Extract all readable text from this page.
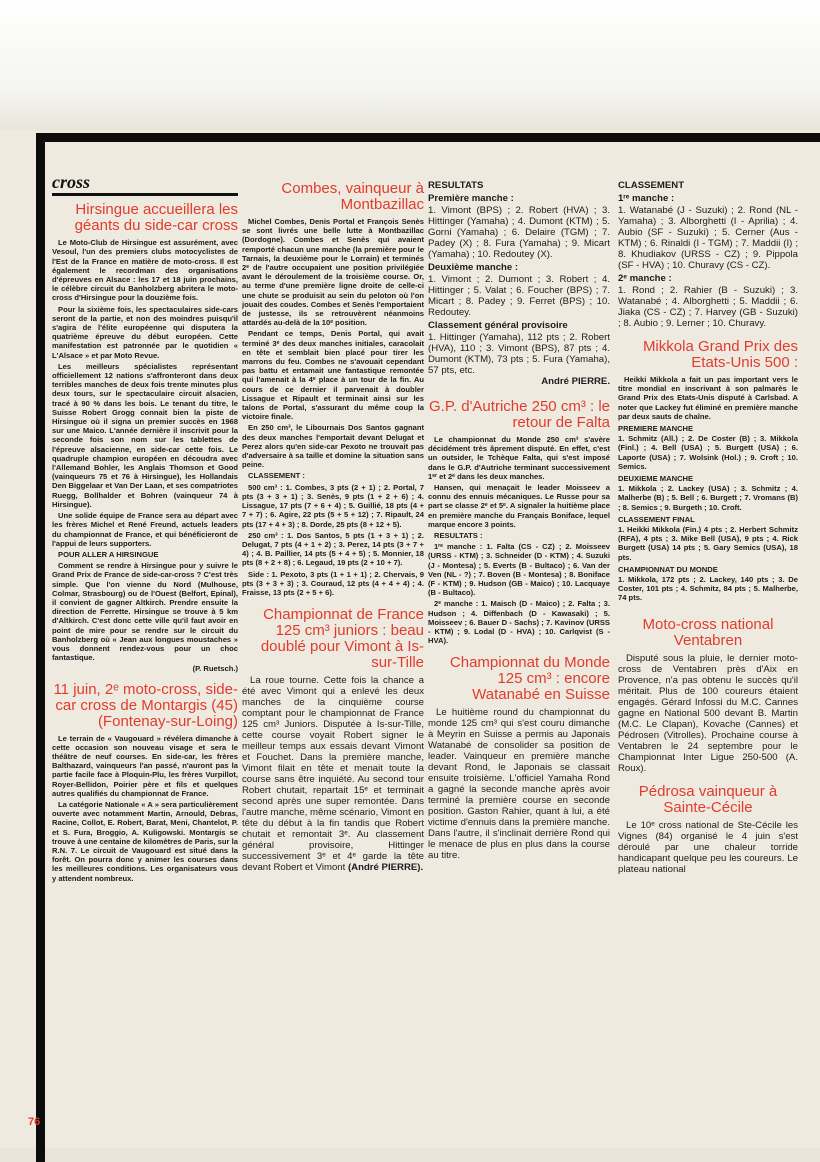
cross
Hirsingue accueillera les géants du side-car cross

Le Moto-Club de Hirsingue est assurément, avec Vesoul, l'un des premiers clubs motocyclistes de l'Est de la France en matière de moto-cross. Il est également le recordman des organisations d'épreuves en Alsace : les 17 et 18 juin prochains, le célèbre circuit du Banholzberg abritera le moto-cross d'Hirsingue pour la douzième fois.

Pour la sixième fois, les spectaculaires side-cars seront de la partie, et non des moindres puisqu'il s'agira de l'élite européenne qui disputera la quatrième épreuve du début européen. Cette manifestation est patronnée par le quotidien « L'Alsace » et par Moto Revue.

Les meilleurs spécialistes représentant officiellement 12 nations s'affronteront dans deux terribles manches de deux fois trente minutes plus deux tours, sur le spectaculaire circuit alsacien, tracé à 90 % dans les bois. Le tenant du titre, le Suisse Robert Grogg connait bien la piste de Hirsingue où il signa un premier succès en 1968 sur une Maico. L'année dernière il inscrivit pour la seconde fois son nom sur les tablettes de l'épreuve alsacienne, en side-car cette fois. Le quadruple champion européen en découdra avec l'Allemand Bohler, les Anglais Thomson et Good (vainqueurs 75 et 76 à Hirsingue), les Hollandais Den Biggelaar et Van Der Laan, et ses compatriotes Ruegg, Bollhalder et Bohren (vainqueur 74 à Hirsingue).

Une solide équipe de France sera au départ avec les frères Michel et René Freund, actuels leaders du championnat de France, et qui bénéficieront de l'appui de leurs supporters.

POUR ALLER A HIRSINGUE

Comment se rendre à Hirsingue pour y suivre le Grand Prix de France de side-car-cross ? C'est très simple. Que l'on vienne du Nord (Mulhouse, Colmar, Strasbourg) ou de l'Ouest (Belfort, Epinal), il convient de gagner Altkirch. Prendre ensuite la direction de Ferrette. Hirsingue se trouve à 5 km d'Altkirch. C'est donc cette ville qu'il faut avoir en point de mire pour se rendre sur le circuit du Banholzberg où « Jean aux longues moustaches » vous donnent rendez-vous pour un choc fantastique.

(P. Ruetsch.)
11 juin, 2ᵉ moto-cross, side-car cross de Montargis (45) (Fontenay-sur-Loing)

Le terrain de « Vaugouard » révélera dimanche à cette occasion son nouveau visage et sera le théâtre de neuf courses. En side-car, les frères Balthazard, vainqueurs l'an passé, n'auront pas la partie facile face à Ploquin-Plu, les frères Vurpillot, Royer-Bellidon, Poirier père et fils et quelques autres qualifiés du championnat de France.

La catégorie Nationale « A » sera particulièrement ouverte avec notamment Martin, Arnould, Debras, Racine, Collot, E. Robert, Barat, Meni, Chantelot, P. et S. Fura, Broggio, A. Kuligowski. Montargis se trouve à une centaine de kilomètres de Paris, sur la R.N. 7. Le circuit de Vaugouard est situé dans la forêt. On pourra donc y animer les courses dans les meilleures conditions. Les organisateurs vous y attendent nombreux.

Combes, vainqueur à Montbazillac

Michel Combes, Denis Portal et François Senès se sont livrés une belle lutte à Montbazillac (Dordogne). Combes et Senès qui avaient remporté chacun une manche (la première pour le Tarnais, la deuxième pour le Lorrain) et terminés 2ᵉ de l'autre occupaient une position privilégiée avant le déroulement de la troisième course. Or, au terme d'une première ligne droite de celle-ci une chute se produisit au sein du peloton où l'on jouait des coudes. Combes et Senès l'emportaient de justesse, ils se retrouvèrent néanmoins attardés au-delà de la 10ᵉ position.

Pendant ce temps, Denis Portal, qui avait terminé 3ᵉ des deux manches initiales, caracolait en tête et semblait bien placé pour tirer les marrons du feu. Combes ne s'avouait cependant pas battu et entamait une fantastique remontée qui l'amenait à la 4ᵉ place à un tour de la fin. Au cours de ce dernier il parvenait à doubler Lissague et Ripault et terminait ainsi sur les talons de Portal, s'assurant du même coup la victoire finale.

En 250 cm³, le Libournais Dos Santos gagnant des deux manches l'emportait devant Delugat et Perez alors qu'en side-car Pexoto ne trouvait pas d'adversaire à sa taille et domine la situation sans peine.

CLASSEMENT :

500 cm³ : 1. Combes, 3 pts (2 + 1) ; 2. Portal, 7 pts (3 + 3 + 1) ; 3. Senès, 9 pts (1 + 2 + 6) ; 4. Lissague, 17 pts (7 + 6 + 4) ; 5. Guillié, 18 pts (4 + 7 + 7) ; 6. Agire, 22 pts (5 + 5 + 12) ; 7. Ripault, 24 pts (17 + 4 + 3) ; 8. Dorde, 25 pts (8 + 12 + 5).

250 cm³ : 1. Dos Santos, 5 pts (1 + 3 + 1) ; 2. Delugat, 7 pts (4 + 1 + 2) ; 3. Perez, 14 pts (3 + 7 + 4) ; 4. B. Paillier, 14 pts (5 + 4 + 5) ; 5. Monnier, 18 pts (8 + 2 + 8) ; 6. Legaud, 19 pts (2 + 10 + 7).

Side : 1. Pexoto, 3 pts (1 + 1 + 1) ; 2. Chervais, 9 pts (3 + 3 + 3) ; 3. Couraud, 12 pts (4 + 4 + 4) ; 4. Fraisse, 13 pts (2 + 5 + 6).

Championnat de France 125 cm³ juniors : beau doublé pour Vimont à Is-sur-Tille

La roue tourne. Cette fois la chance a été avec Vimont qui a enlevé les deux manches de la cinquième course comptant pour le championnat de France 125 cm³ Juniors. Disputée à Is-sur-Tille, cette course voyait Robert signer le meilleur temps aux essais devant Vimont et Fouchet. Dans la première manche, Vimont filait en tête et menait toute la course sans être inquiété. Au second tour Robert chutait, repartait 15ᵉ et terminait second après une super remontée. Dans l'autre manche, même scénario, Vimont en tête du début à la fin tandis que Robert chutait et remontait 3ᵉ. Au classement général provisoire, Hittinger successivement 3ᵉ et 4ᵉ garde la tête devant Robert et Vimont (André PIERRE).

RESULTATS
Première manche :
1. Vimont (BPS) ; 2. Robert (HVA) ; 3. Hittinger (Yamaha) ; 4. Dumont (KTM) ; 5. Gorni (Yamaha) ; 6. Delaire (TGM) ; 7. Padey (X) ; 8. Fura (Yamaha) ; 9. Micart (Yamaha) ; 10. Redoutey (X).
Deuxième manche :
1. Vimont ; 2. Dumont ; 3. Robert ; 4. Hittinger ; 5. Valat ; 6. Foucher (BPS) ; 7. Micart ; 8. Padey ; 9. Ferret (BPS) ; 10. Redoutey.
Classement général provisoire
1. Hittinger (Yamaha), 112 pts ; 2. Robert (HVA), 110 ; 3. Vimont (BPS), 87 pts ; 4. Dumont (KTM), 73 pts ; 5. Fura (Yamaha), 57 pts, etc.
André PIERRE.
G.P. d'Autriche 250 cm³ : le retour de Falta

Le championnat du Monde 250 cm³ s'avère décidément très âprement disputé. En effet, c'est un outsider, le Tchèque Falta, qui s'est imposé dans le G.P. d'Autriche terminant successivement 1ᵉʳ et 2ᵉ dans les deux manches.

Hansen, qui menaçait le leader Moisseev a connu des ennuis mécaniques. Le Russe pour sa part se classe 2ᵉ et 5ᵉ. A signaler la huitième place en première manche du Français Boniface, lequel marque encore 3 points.

RESULTATS :

1ʳᵉ manche : 1. Falta (CS - CZ) ; 2. Moisseev (URSS - KTM) ; 3. Schneider (D - KTM) ; 4. Suzuki (J - Montesa) ; 5. Everts (B - Bultaco) ; 6. Van der Ven (NL - ?) ; 7. Boven (B - Montesa) ; 8. Boniface (F - KTM) ; 9. Hudson (GB - Maico) ; 10. Lacquaye (B - Bultaco).

2ᵉ manche : 1. Maisch (D - Maico) ; 2. Falta ; 3. Hudson ; 4. Diffenbach (D - Kawasaki) ; 5. Moisseev ; 6. Bauer D - Sachs) ; 7. Kavinov (URSS - KTM) ; 9. Lodal (D - HVA) ; 10. Carlqvist (S - HVA).

Championnat du Monde 125 cm³ : encore Watanabé en Suisse

Le huitième round du championnat du monde 125 cm³ qui s'est couru dimanche à Meyrin en Suisse a permis au Japonais Watanabé de consolider sa position de leader. Vainqueur en première manche devant Rond, le Japonais se classait ensuite troisième. L'officiel Yamaha Rond a gagné la seconde manche après avoir terminé la première course en seconde position. Gaston Rahier, quant à lui, a été victime d'ennuis dans la première manche. Dans l'autre, il s'inclinait derrière Rond qui le menace de plus en plus dans la course au titre.

CLASSEMENT
1ʳᵉ manche :
1. Watanabé (J - Suzuki) ; 2. Rond (NL - Yamaha) ; 3. Alborghetti (I - Aprilia) ; 4. Aubio (SF - Suzuki) ; 5. Cerner (Aus - KTM) ; 6. Rinaldi (I - TGM) ; 7. Maddii (I) ; 8. Khudiakov (URSS - CZ) ; 9. Pippola (SF - HVA) ; 10. Churavy (CS - CZ).
2ᵉ manche :
1. Rond ; 2. Rahier (B - Suzuki) ; 3. Watanabé ; 4. Alborghetti ; 5. Maddii ; 6. Jiaka (CS - CZ) ; 7. Harvey (GB - Suzuki) ; 8. Aubio ; 9. Lerner ; 10. Churavy.
Mikkola Grand Prix des Etats-Unis 500 :

Heikki Mikkola a fait un pas important vers le titre mondial en inscrivant à son palmarès le Grand Prix des Etats-Unis disputé à Carlsbad. A noter que Lackey fut éliminé en première manche par deux sauts de chaîne.

PREMIERE MANCHE
1. Schmitz (All.) ; 2. De Coster (B) ; 3. Mikkola (Finl.) ; 4. Bell (USA) ; 5. Burgett (USA) ; 6. Laporte (USA) ; 7. Wolsink (Hol.) ; 9. Croft ; 10. Semics.
DEUXIEME MANCHE
1. Mikkola ; 2. Lackey (USA) ; 3. Schmitz ; 4. Malherbe (B) ; 5. Bell ; 6. Burgett ; 7. Vromans (B) ; 8. Semics ; 9. Burgeth ; 10. Croft.
CLASSEMENT FINAL
1. Heikki Mikkola (Fin.) 4 pts ; 2. Herbert Schmitz (RFA), 4 pts ; 3. Mike Bell (USA), 9 pts ; 4. Rick Burgett (USA) 14 pts ; 5. Gary Semics (USA), 18 pts.
CHAMPIONNAT DU MONDE
1. Mikkola, 172 pts ; 2. Lackey, 140 pts ; 3. De Coster, 101 pts ; 4. Schmitz, 84 pts ; 5. Malherbe, 74 pts.
Moto-cross national Ventabren

Disputé sous la pluie, le dernier moto-cross de Ventabren près d'Aix en Provence, n'a pas obtenu le succès qu'il méritait. Plus de 100 coureurs étaient engagés. Gérard Infossi du M.C. Cannes gagne en National 500 devant B. Martin (M.C. Le Clapan), Kovache (Cannes) et Pédrosen (Vitrolles). Prochaine course à Ventabren le 24 septembre pour le Championnat Inter Ligue 250-500 (A. Roux).

Pédrosa vainqueur à Sainte-Cécile

Le 10ᵉ cross national de Ste-Cécile les Vignes (84) organisé le 4 juin s'est déroulé par une chaleur torride handicapant quelque peu les coureurs. Le plateau national

76
